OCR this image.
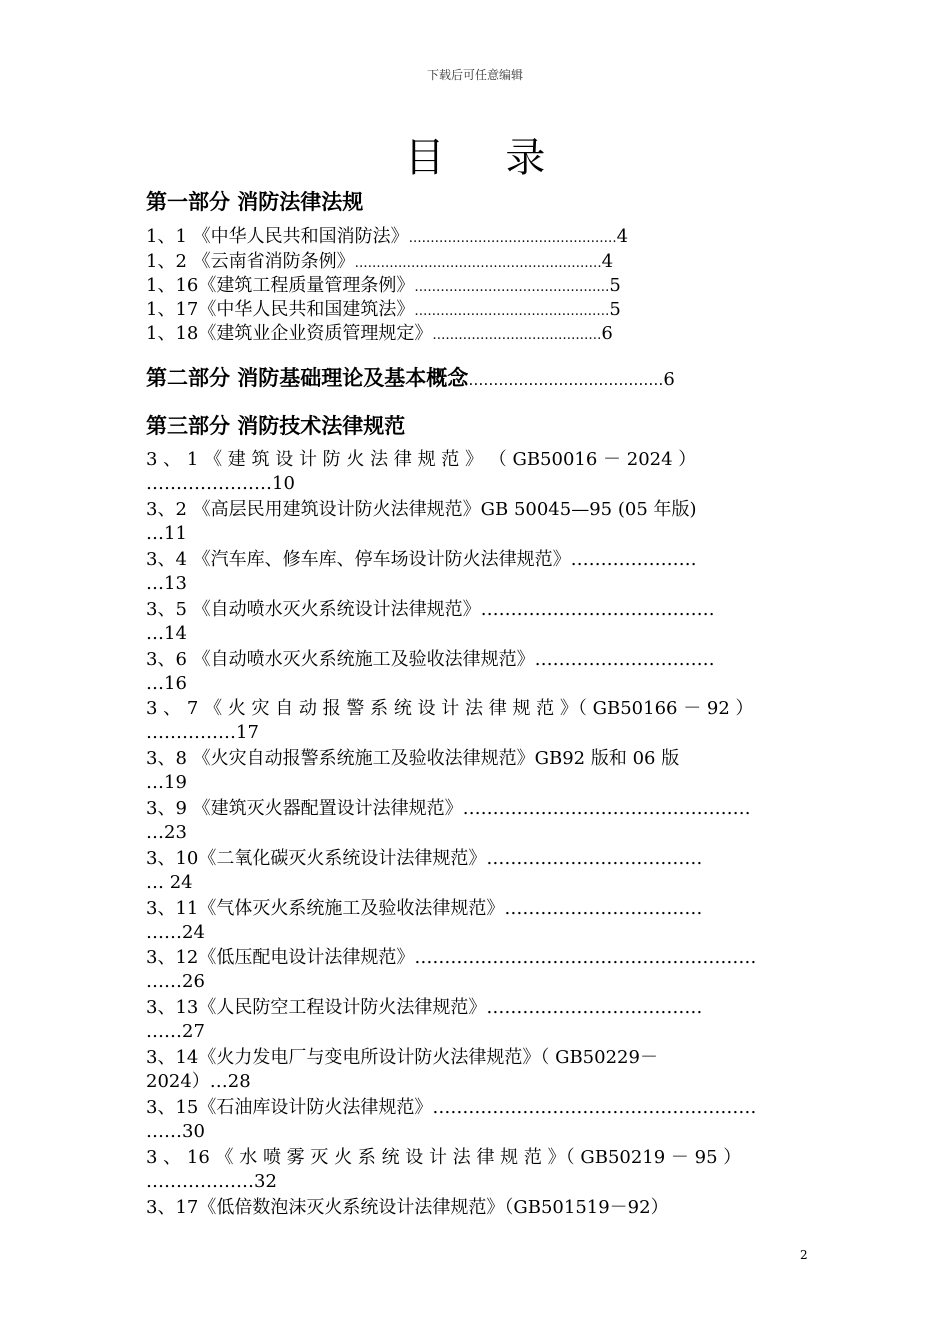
下载后可任意编辑
目 录
第一部分 消防法律法规
1、1 《中华人民共和国消防法》…………………………………………4
1、2 《云南省消防条例》…………………………………………………4
1、16《建筑工程质量管理条例》………………………………………5
1、17《中华人民共和国建筑法》………………………………………5
1、18《建筑业企业资质管理规定》…………………………………6
第二部分 消防基础理论及基本概念…………………………………6
第三部分 消防技术法律规范
3 、 1 《 建 筑 设 计 防 火 法 律 规 范 》 （ GB50016 － 2024 ）
…………………10
3、2 《高层民用建筑设计防火法律规范》GB 50045—95 (05 年版)
…11
3、4 《汽车库、修车库、停车场设计防火法律规范》…………………
…13
3、5 《自动喷水灭火系统设计法律规范》…………………………………
…14
3、6 《自动喷水灭火系统施工及验收法律规范》…………………………
…16
3 、 7 《 火 灾 自 动 报 警 系 统 设 计 法 律 规 范 》（ GB50166 － 92 ）
……………17
3、8 《火灾自动报警系统施工及验收法律规范》GB92 版和 06 版
…19
3、9 《建筑灭火器配置设计法律规范》…………………………………………
…23
3、10《二氧化碳灭火系统设计法律规范》………………………………
… 24
3、11《气体灭火系统施工及验收法律规范》……………………………
……24
3、12《低压配电设计法律规范》…………………………………………………
……26
3、13《人民防空工程设计防火法律规范》………………………………
……27
3、14《火力发电厂与变电所设计防火法律规范》（ GB50229－
2024）…28
3、15《石油库设计防火法律规范》………………………………………………
……30
3 、 16 《 水 喷 雾 灭 火 系 统 设 计 法 律 规 范 》（ GB50219 － 95 ）
………………32
3、17《低倍数泡沫灭火系统设计法律规范》（GB501519－92）
2
